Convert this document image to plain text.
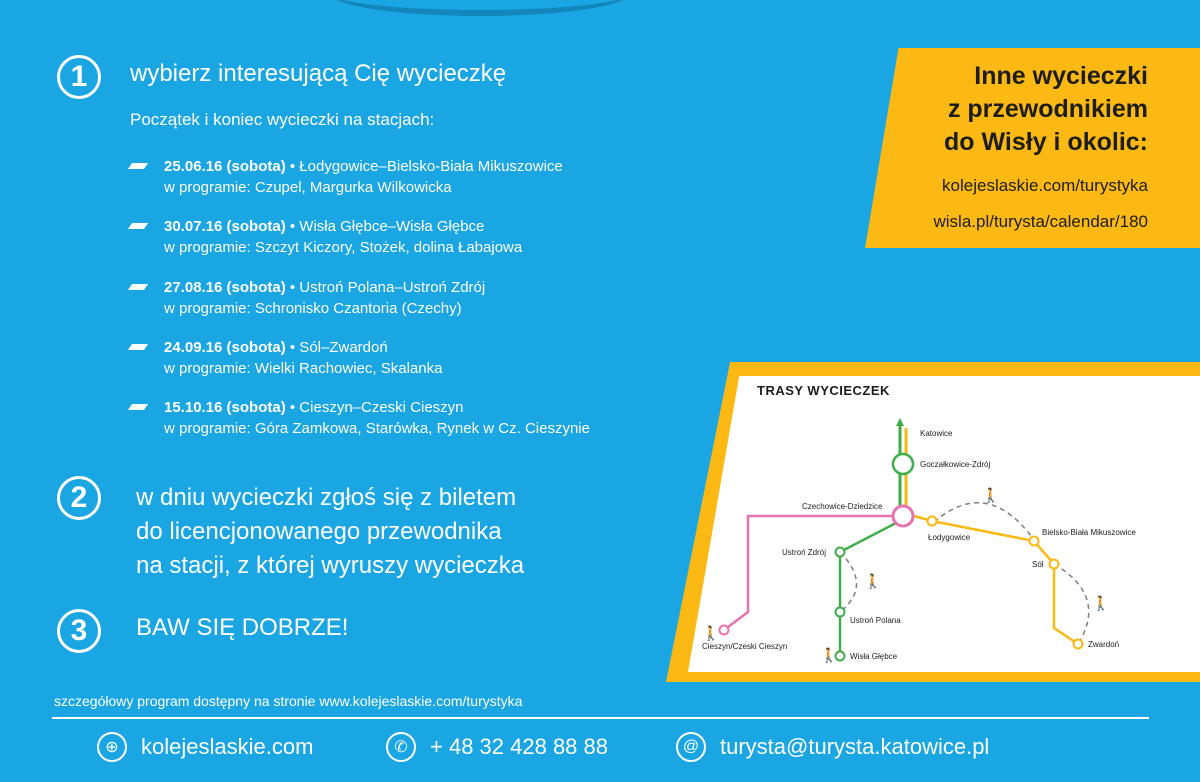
1	wybierz interesującą Cię wycieczkę
Początek i koniec wycieczki na stacjach:
25.06.16 (sobota) • Łodygowice–Bielsko-Biała Mikuszowice
w programie: Czupel, Margurka Wilkowicka
30.07.16 (sobota) • Wisła Głębce–Wisła Głębce
w programie: Szczyt Kiczory, Stożek, dolina Łabajowa
27.08.16 (sobota) • Ustroń Polana–Ustroń Zdrój
w programie: Schronisko Czantoria (Czechy)
24.09.16 (sobota) • Sól–Zwardoń
w programie: Wielki Rachowiec, Skalanka
15.10.16 (sobota) • Cieszyn–Czeski Cieszyn
w programie: Góra Zamkowa, Starówka, Rynek w Cz. Cieszynie
2	w dniu wycieczki zgłoś się z biletem
do licencjonowanego przewodnika
na stacji, z której wyruszy wycieczka
3	BAW SIĘ DOBRZE!
Inne wycieczki
z przewodnikiem
do Wisły i okolic:
kolejeslaskie.com/turystyka
wisla.pl/turysta/calendar/180
TRASY WYCIECZEK
🚶
🚶
🚶
🚶
🚶
Katowice
Goczałkowice-Zdrój
Czechowice-Dziedzice
Łodygowice
Bielsko-Biała Mikuszowice
Sól
Zwardoń
Ustroń Zdrój
Ustroń Polana
Wisła Głębce
Cieszyn/Czeski Cieszyn
szczegółowy program dostępny na stronie www.kolejeslaskie.com/turystyka
⊕	kolejeslaskie.com	✆	+ 48 32 428 88 88	@ turysta@turysta.katowice.pl
